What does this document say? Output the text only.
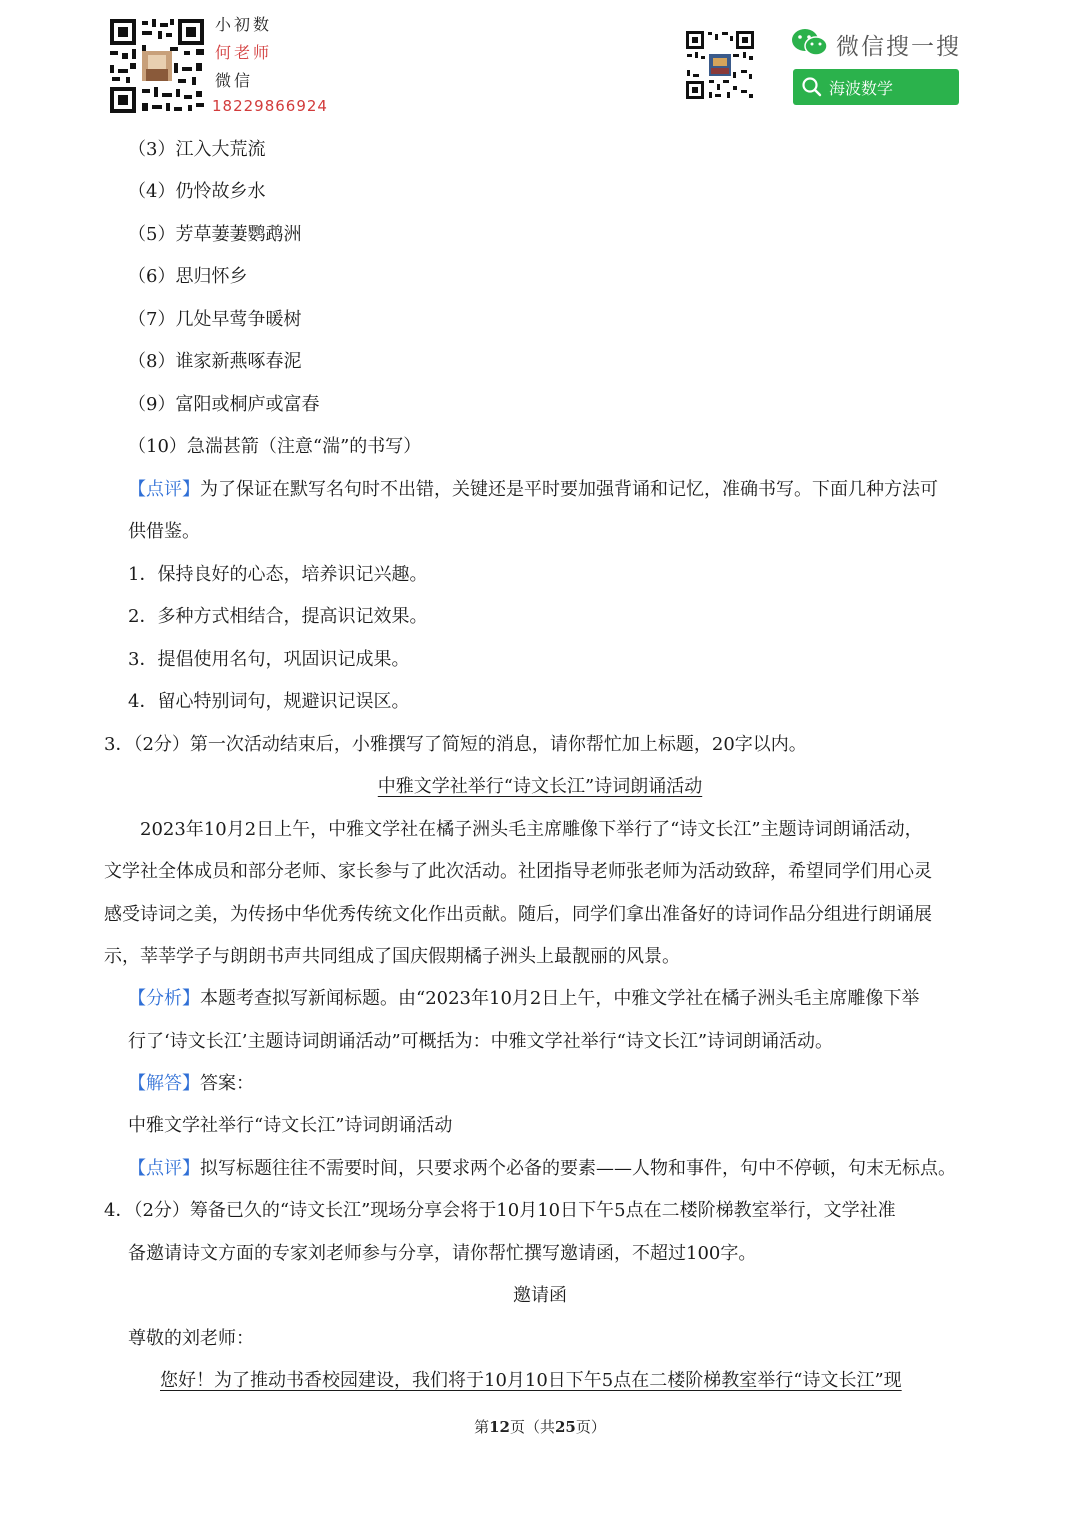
小初数
何老师
微信
18229866924
微信搜一搜
海波数学
（3）江入大荒流
（4）仍怜故乡水
（5）芳草萋萋鹦鹉洲
（6）思归怀乡
（7）几处早莺争暖树
（8）谁家新燕啄春泥
（9）富阳或桐庐或富春
（10）急湍甚箭（注意“湍”的书写）
【点评】为了保证在默写名句时不出错，关键还是平时要加强背诵和记忆，准确书写。下面几种方法可
供借鉴。
1．保持良好的心态，培养识记兴趣。
2．多种方式相结合，提高识记效果。
3．提倡使用名句，巩固识记成果。
4．留心特别词句，规避识记误区。
3．（2分）第一次活动结束后，小雅撰写了简短的消息，请你帮忙加上标题，20字以内。
中雅文学社举行“诗文长江”诗词朗诵活动
2023年10月2日上午，中雅文学社在橘子洲头毛主席雕像下举行了“诗文长江”主题诗词朗诵活动，
文学社全体成员和部分老师、家长参与了此次活动。社团指导老师张老师为活动致辞，希望同学们用心灵
感受诗词之美，为传扬中华优秀传统文化作出贡献。随后，同学们拿出准备好的诗词作品分组进行朗诵展
示，莘莘学子与朗朗书声共同组成了国庆假期橘子洲头上最靓丽的风景。
【分析】本题考查拟写新闻标题。由“2023年10月2日上午，中雅文学社在橘子洲头毛主席雕像下举
行了‘诗文长江’主题诗词朗诵活动”可概括为：中雅文学社举行“诗文长江”诗词朗诵活动。
【解答】答案：
中雅文学社举行“诗文长江”诗词朗诵活动
【点评】拟写标题往往不需要时间，只要求两个必备的要素——人物和事件，句中不停顿，句末无标点。
4．（2分）筹备已久的“诗文长江”现场分享会将于10月10日下午5点在二楼阶梯教室举行，文学社准
备邀请诗文方面的专家刘老师参与分享，请你帮忙撰写邀请函，不超过100字。
邀请函
尊敬的刘老师：
您好！为了推动书香校园建设，我们将于10月10日下午5点在二楼阶梯教室举行“诗文长江”现
第12页（共25页）
